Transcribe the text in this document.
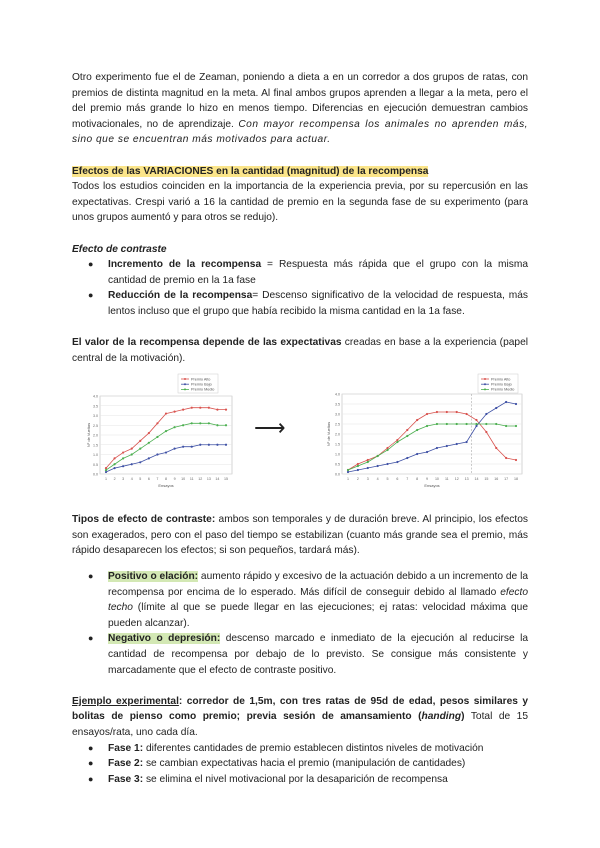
Otro experimento fue el de Zeaman, poniendo a dieta a en un corredor a dos grupos de ratas, con premios de distinta magnitud en la meta. Al final ambos grupos aprenden a llegar a la meta, pero el del premio más grande lo hizo en menos tiempo. Diferencias en ejecución demuestran cambios motivacionales, no de aprendizaje. Con mayor recompensa los animales no aprenden más, sino que se encuentran más motivados para actuar.

Efectos de las VARIACIONES en la cantidad (magnitud) de la recompensa

Todos los estudios coinciden en la importancia de la experiencia previa, por su repercusión en las expectativas. Crespi varió a 16 la cantidad de premio en la segunda fase de su experimento (para unos grupos aumentó y para otros se redujo).

Efecto de contraste

● Incremento de la recompensa = Respuesta más rápida que el grupo con la misma cantidad de premio en la 1a fase
● Reducción de la recompensa= Descenso significativo de la velocidad de respuesta, más lentos incluso que el grupo que había recibido la misma cantidad en la 1a fase.

El valor de la recompensa depende de las expectativas creadas en base a la experiencia (papel central de la motivación).

0.0
0.5
1.0
1.5
2.0
2.5
3.0
3.5
4.0
1 2 3 4 5 6 7 8 9 10 11 12 13 14 15
Ensayos
Nº de Vueltas
Premio Alto
Premio Bajo
Premio Medio
⟶
0.0
0.5
1.0
1.5
2.0
2.5
3.0
3.5
4.0
1 2 3 4 5 6 7 8 9 10 11 12 13 14 15 16 17 18
Ensayos
Nº de Vueltas
Premio Alto
Premio Bajo
Premio Medio

Tipos de efecto de contraste: ambos son temporales y de duración breve. Al principio, los efectos son exagerados, pero con el paso del tiempo se estabilizan (cuanto más grande sea el premio, más rápido desaparecen los efectos; si son pequeños, tardará más).

● Positivo o elación: aumento rápido y excesivo de la actuación debido a un incremento de la recompensa por encima de lo esperado. Más difícil de conseguir debido al llamado efecto techo (límite al que se puede llegar en las ejecuciones; ej ratas: velocidad máxima que pueden alcanzar).
● Negativo o depresión: descenso marcado e inmediato de la ejecución al reducirse la cantidad de recompensa por debajo de lo previsto. Se consigue más consistente y marcadamente que el efecto de contraste positivo.

Ejemplo experimental: corredor de 1,5m, con tres ratas de 95d de edad, pesos similares y bolitas de pienso como premio; previa sesión de amansamiento (handing) Total de 15 ensayos/rata, uno cada día.

● Fase 1: diferentes cantidades de premio establecen distintos niveles de motivación
● Fase 2: se cambian expectativas hacia el premio (manipulación de cantidades)
● Fase 3: se elimina el nivel motivacional por la desaparición de recompensa
